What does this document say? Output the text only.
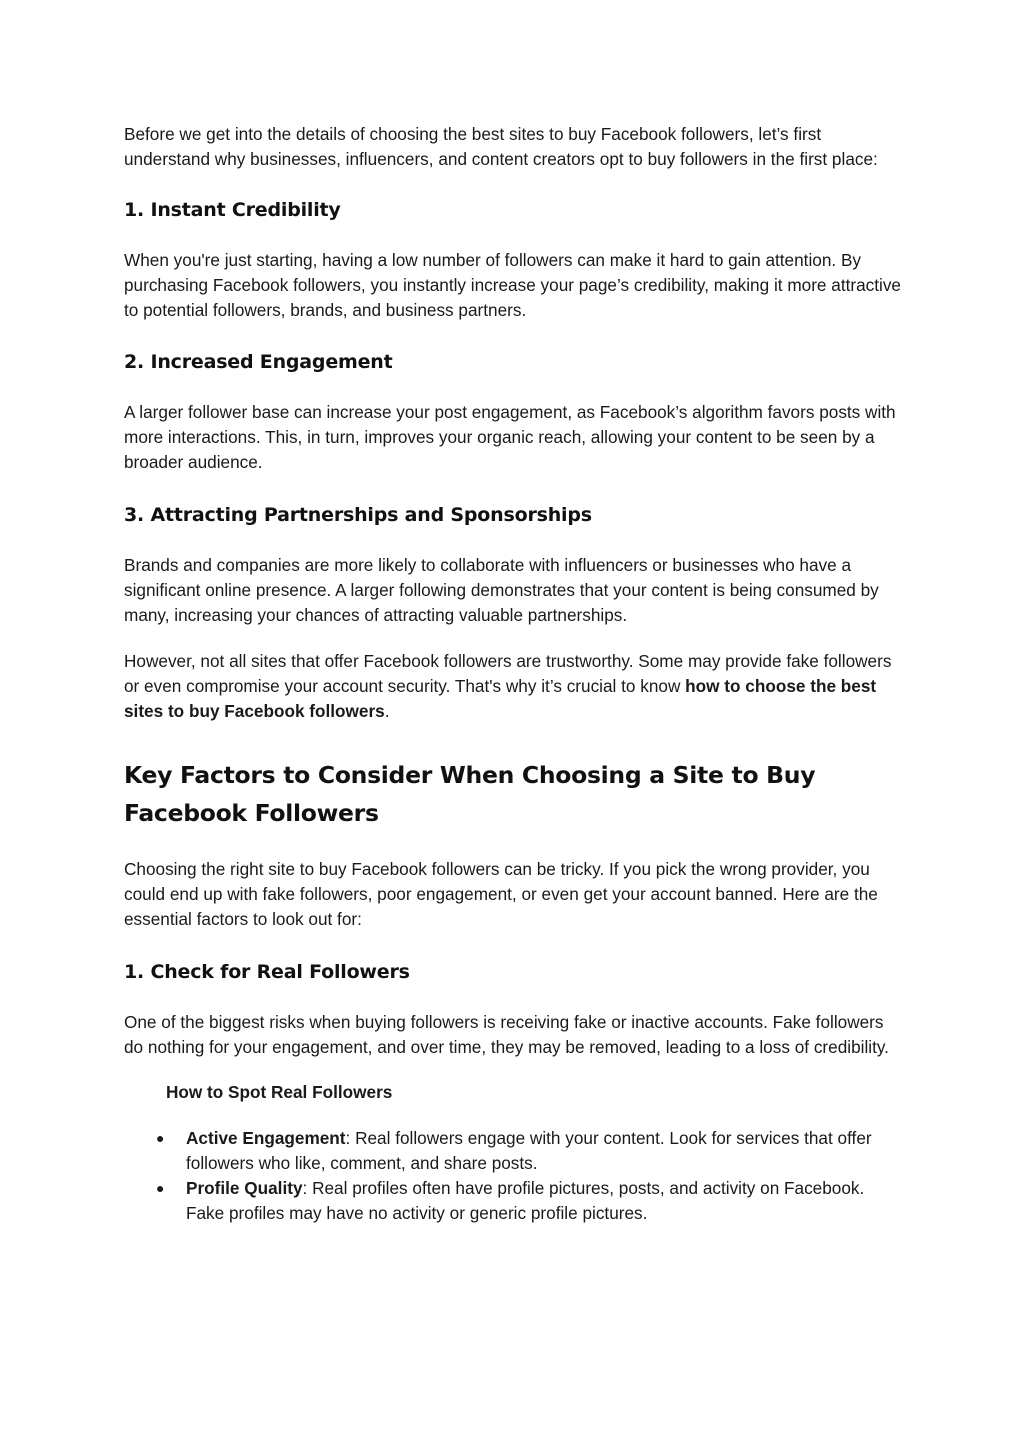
Before we get into the details of choosing the best sites to buy Facebook followers, let’s first understand why businesses, influencers, and content creators opt to buy followers in the first place:

1. Instant Credibility

When you're just starting, having a low number of followers can make it hard to gain attention. By purchasing Facebook followers, you instantly increase your page’s credibility, making it more attractive to potential followers, brands, and business partners.

2. Increased Engagement

A larger follower base can increase your post engagement, as Facebook’s algorithm favors posts with more interactions. This, in turn, improves your organic reach, allowing your content to be seen by a broader audience.

3. Attracting Partnerships and Sponsorships

Brands and companies are more likely to collaborate with influencers or businesses who have a significant online presence. A larger following demonstrates that your content is being consumed by many, increasing your chances of attracting valuable partnerships.

However, not all sites that offer Facebook followers are trustworthy. Some may provide fake followers or even compromise your account security. That's why it’s crucial to know how to choose the best sites to buy Facebook followers.

Key Factors to Consider When Choosing a Site to Buy Facebook Followers

Choosing the right site to buy Facebook followers can be tricky. If you pick the wrong provider, you could end up with fake followers, poor engagement, or even get your account banned. Here are the essential factors to look out for:

1. Check for Real Followers

One of the biggest risks when buying followers is receiving fake or inactive accounts. Fake followers do nothing for your engagement, and over time, they may be removed, leading to a loss of credibility.

How to Spot Real Followers
● Active Engagement: Real followers engage with your content. Look for services that offer followers who like, comment, and share posts.
● Profile Quality: Real profiles often have profile pictures, posts, and activity on Facebook. Fake profiles may have no activity or generic profile pictures.
